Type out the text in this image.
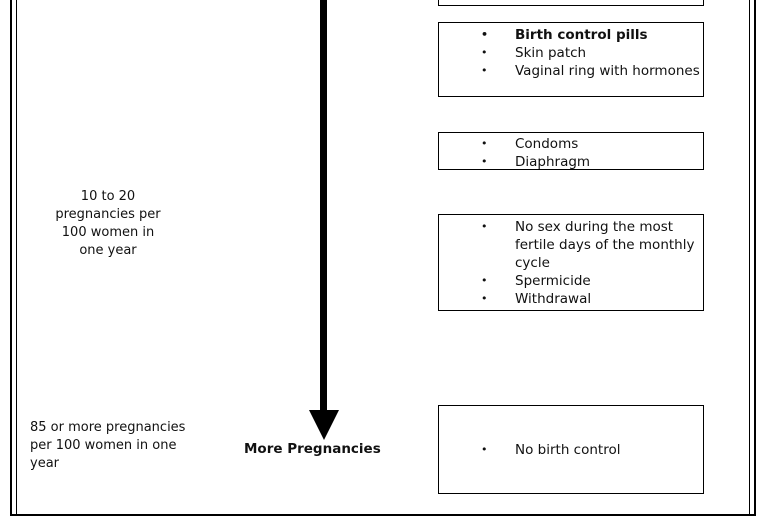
10 to 20 pregnancies per 100 women in one year
85 or more pregnancies per 100 women in one year
More Pregnancies
• Birth control pills
• Skin patch
• Vaginal ring with hormones
• Condoms
• Diaphragm
• No sex during the most fertile days of the monthly cycle
• Spermicide
• Withdrawal
• No birth control
